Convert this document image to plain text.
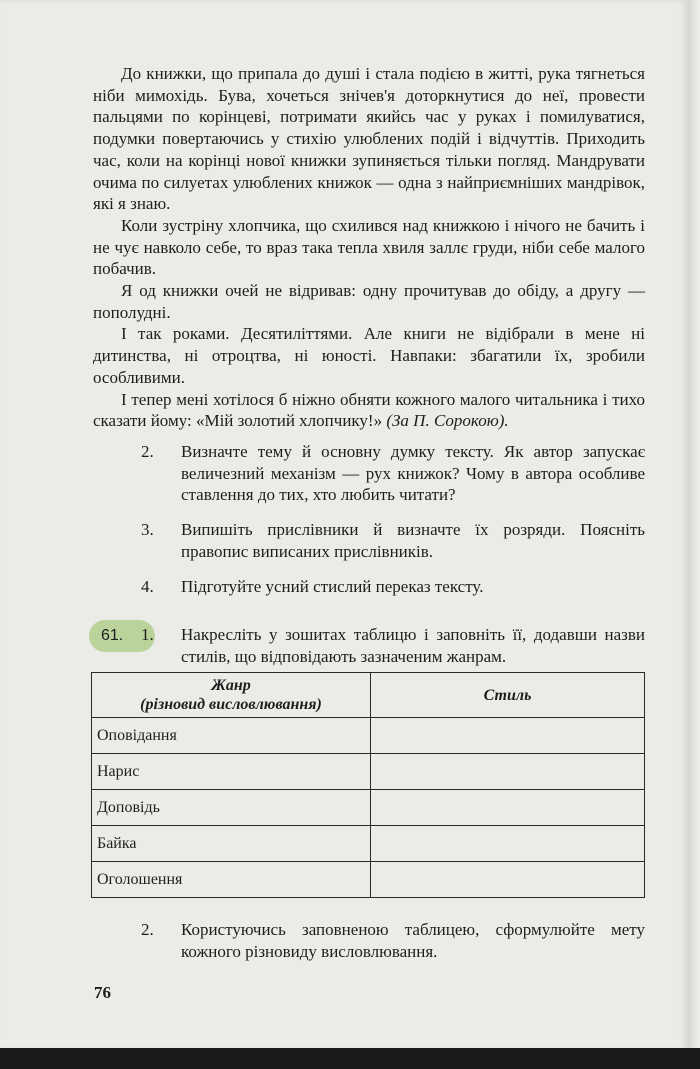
До книжки, що припала до душі і стала подією в житті, рука тягнеться ніби мимохідь. Бува, хочеться знічев'я доторкнутися до неї, провести пальцями по корінцеві, потримати якийсь час у руках і помилуватися, подумки повертаючись у стихію улюблених подій і відчуттів. Приходить час, коли на корінці нової книжки зупиняється тільки погляд. Мандрувати очима по силуетах улюблених книжок — одна з найприємніших мандрівок, які я знаю.

Коли зустріну хлопчика, що схилився над книжкою і нічого не бачить і не чує навколо себе, то враз така тепла хвиля заллє груди, ніби себе малого побачив.

Я од книжки очей не відривав: одну прочитував до обіду, а другу — пополудні.

І так роками. Десятиліттями. Але книги не відібрали в мене ні дитинства, ні отроцтва, ні юності. Навпаки: збагатили їх, зробили особливими.

І тепер мені хотілося б ніжно обняти кожного малого читальника і тихо сказати йому: «Мій золотий хлопчику!» (За П. Сорокою).

2. Визначте тему й основну думку тексту. Як автор запускає величезний механізм — рух книжок? Чому в автора особливе ставлення до тих, хто любить читати?
3. Випишіть прислівники й визначте їх розряди. Поясніть правопис виписаних прислівників.
4. Підготуйте усний стислий переказ тексту.
61.	1. Накресліть у зошитах таблицю і заповніть її, додавши назви стилів, що відповідають зазначеним жанрам.
Жанр
(різновид висловлювання)	Стиль
Оповідання	
Нарис	
Доповідь	
Байка	
Оголошення	
2. Користуючись заповненою таблицею, сформулюйте мету кожного різновиду висловлювання.
76
